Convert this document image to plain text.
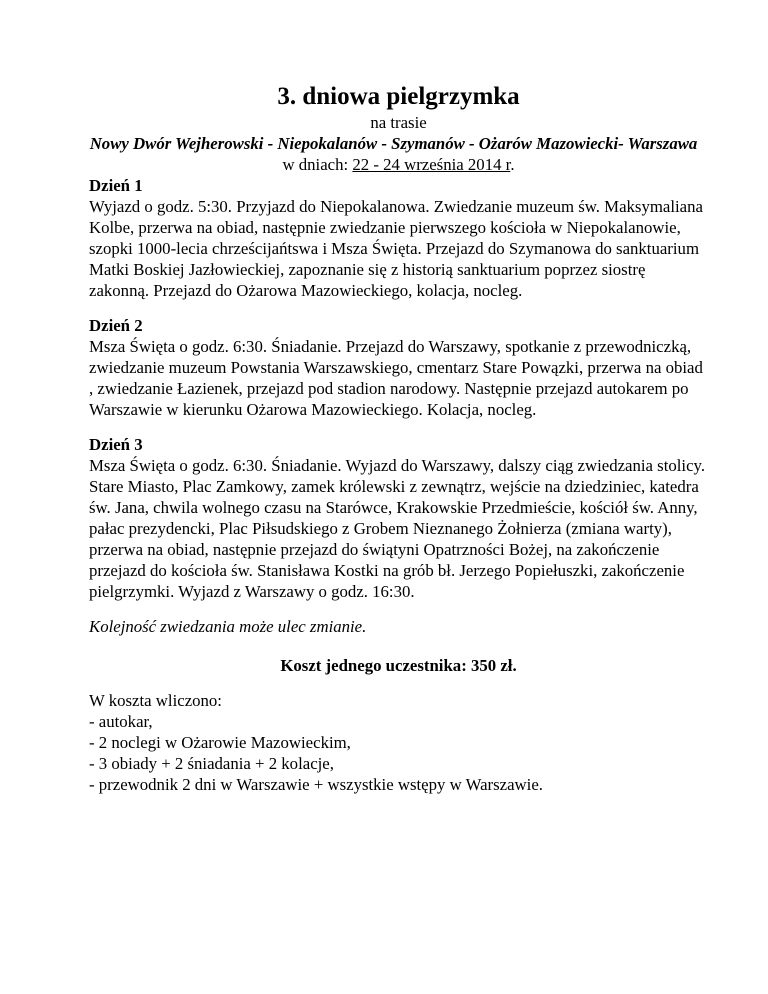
3. dniowa pielgrzymka

na trasie

Nowy Dwór Wejherowski - Niepokalanów - Szymanów - Ożarów Mazowiecki- Warszawa

w dniach: 22 - 24 września 2014 r.

Dzień 1
Wyjazd o godz. 5:30. Przyjazd do Niepokalanowa. Zwiedzanie muzeum św. Maksymaliana Kolbe, przerwa na obiad, następnie zwiedzanie pierwszego kościoła w Niepokalanowie, szopki 1000-lecia chrześcijańtswa i Msza Święta. Przejazd do Szymanowa do sanktuarium Matki Boskiej Jazłowieckiej, zapoznanie się z historią sanktuarium poprzez siostrę zakonną. Przejazd do Ożarowa Mazowieckiego, kolacja, nocleg.
Dzień 2
Msza Święta o godz. 6:30. Śniadanie. Przejazd do Warszawy, spotkanie z przewodniczką, zwiedzanie muzeum Powstania Warszawskiego, cmentarz Stare Powązki, przerwa na obiad , zwiedzanie Łazienek, przejazd pod stadion narodowy. Następnie przejazd autokarem po Warszawie w kierunku Ożarowa Mazowieckiego. Kolacja, nocleg.
Dzień 3
Msza Święta o godz. 6:30. Śniadanie. Wyjazd do Warszawy, dalszy ciąg zwiedzania stolicy. Stare Miasto, Plac Zamkowy, zamek królewski z zewnątrz, wejście na dziedziniec, katedra św. Jana, chwila wolnego czasu na Starówce, Krakowskie Przedmieście, kościół św. Anny, pałac prezydencki, Plac Piłsudskiego z Grobem Nieznanego Żołnierza (zmiana warty), przerwa na obiad, następnie przejazd do świątyni Opatrzności Bożej, na zakończenie przejazd do kościoła św. Stanisława Kostki na grób bł. Jerzego Popiełuszki, zakończenie pielgrzymki. Wyjazd z Warszawy o godz. 16:30.

Kolejność zwiedzania może ulec zmianie.

Koszt jednego uczestnika: 350 zł.

W koszta wliczono:
- autokar,
- 2 noclegi w Ożarowie Mazowieckim,
- 3 obiady + 2 śniadania + 2 kolacje,
- przewodnik 2 dni w Warszawie + wszystkie wstępy w Warszawie.
